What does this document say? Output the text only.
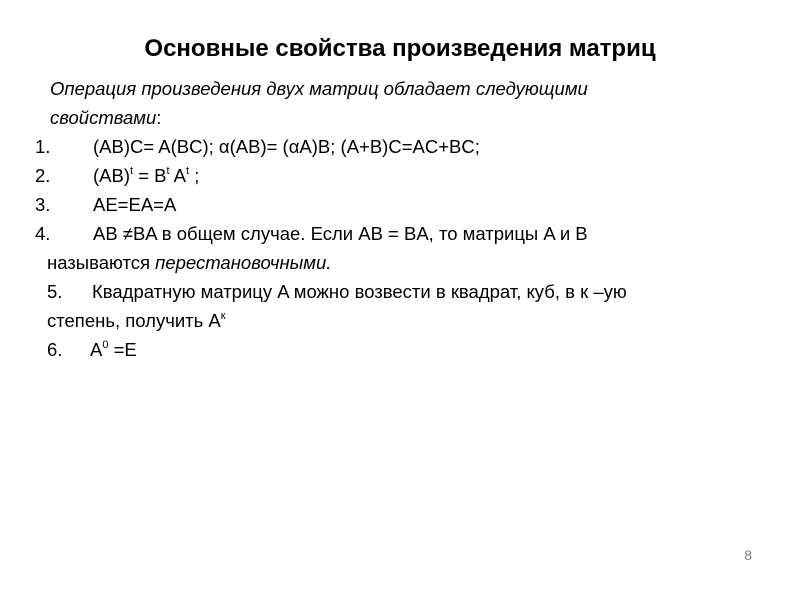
Основные свойства произведения матриц
Операция произведения двух матриц обладает следующими
свойствами:
1. (AB)C= A(BC); α(AB)= (αA)B; (A+B)C=AC+BC;
2. $(AB)^t = B^t$ $A^t$ ;
3. AE=EA=A
4. AB ≠BA в общем случае. Если AB = BA, то матрицы A и B
называются перестановочными.
5. Квадратную матрицу A можно возвести в квадрат, куб, в к –ую
степень, получить $A^к$
6. $A^0 =E$
8
